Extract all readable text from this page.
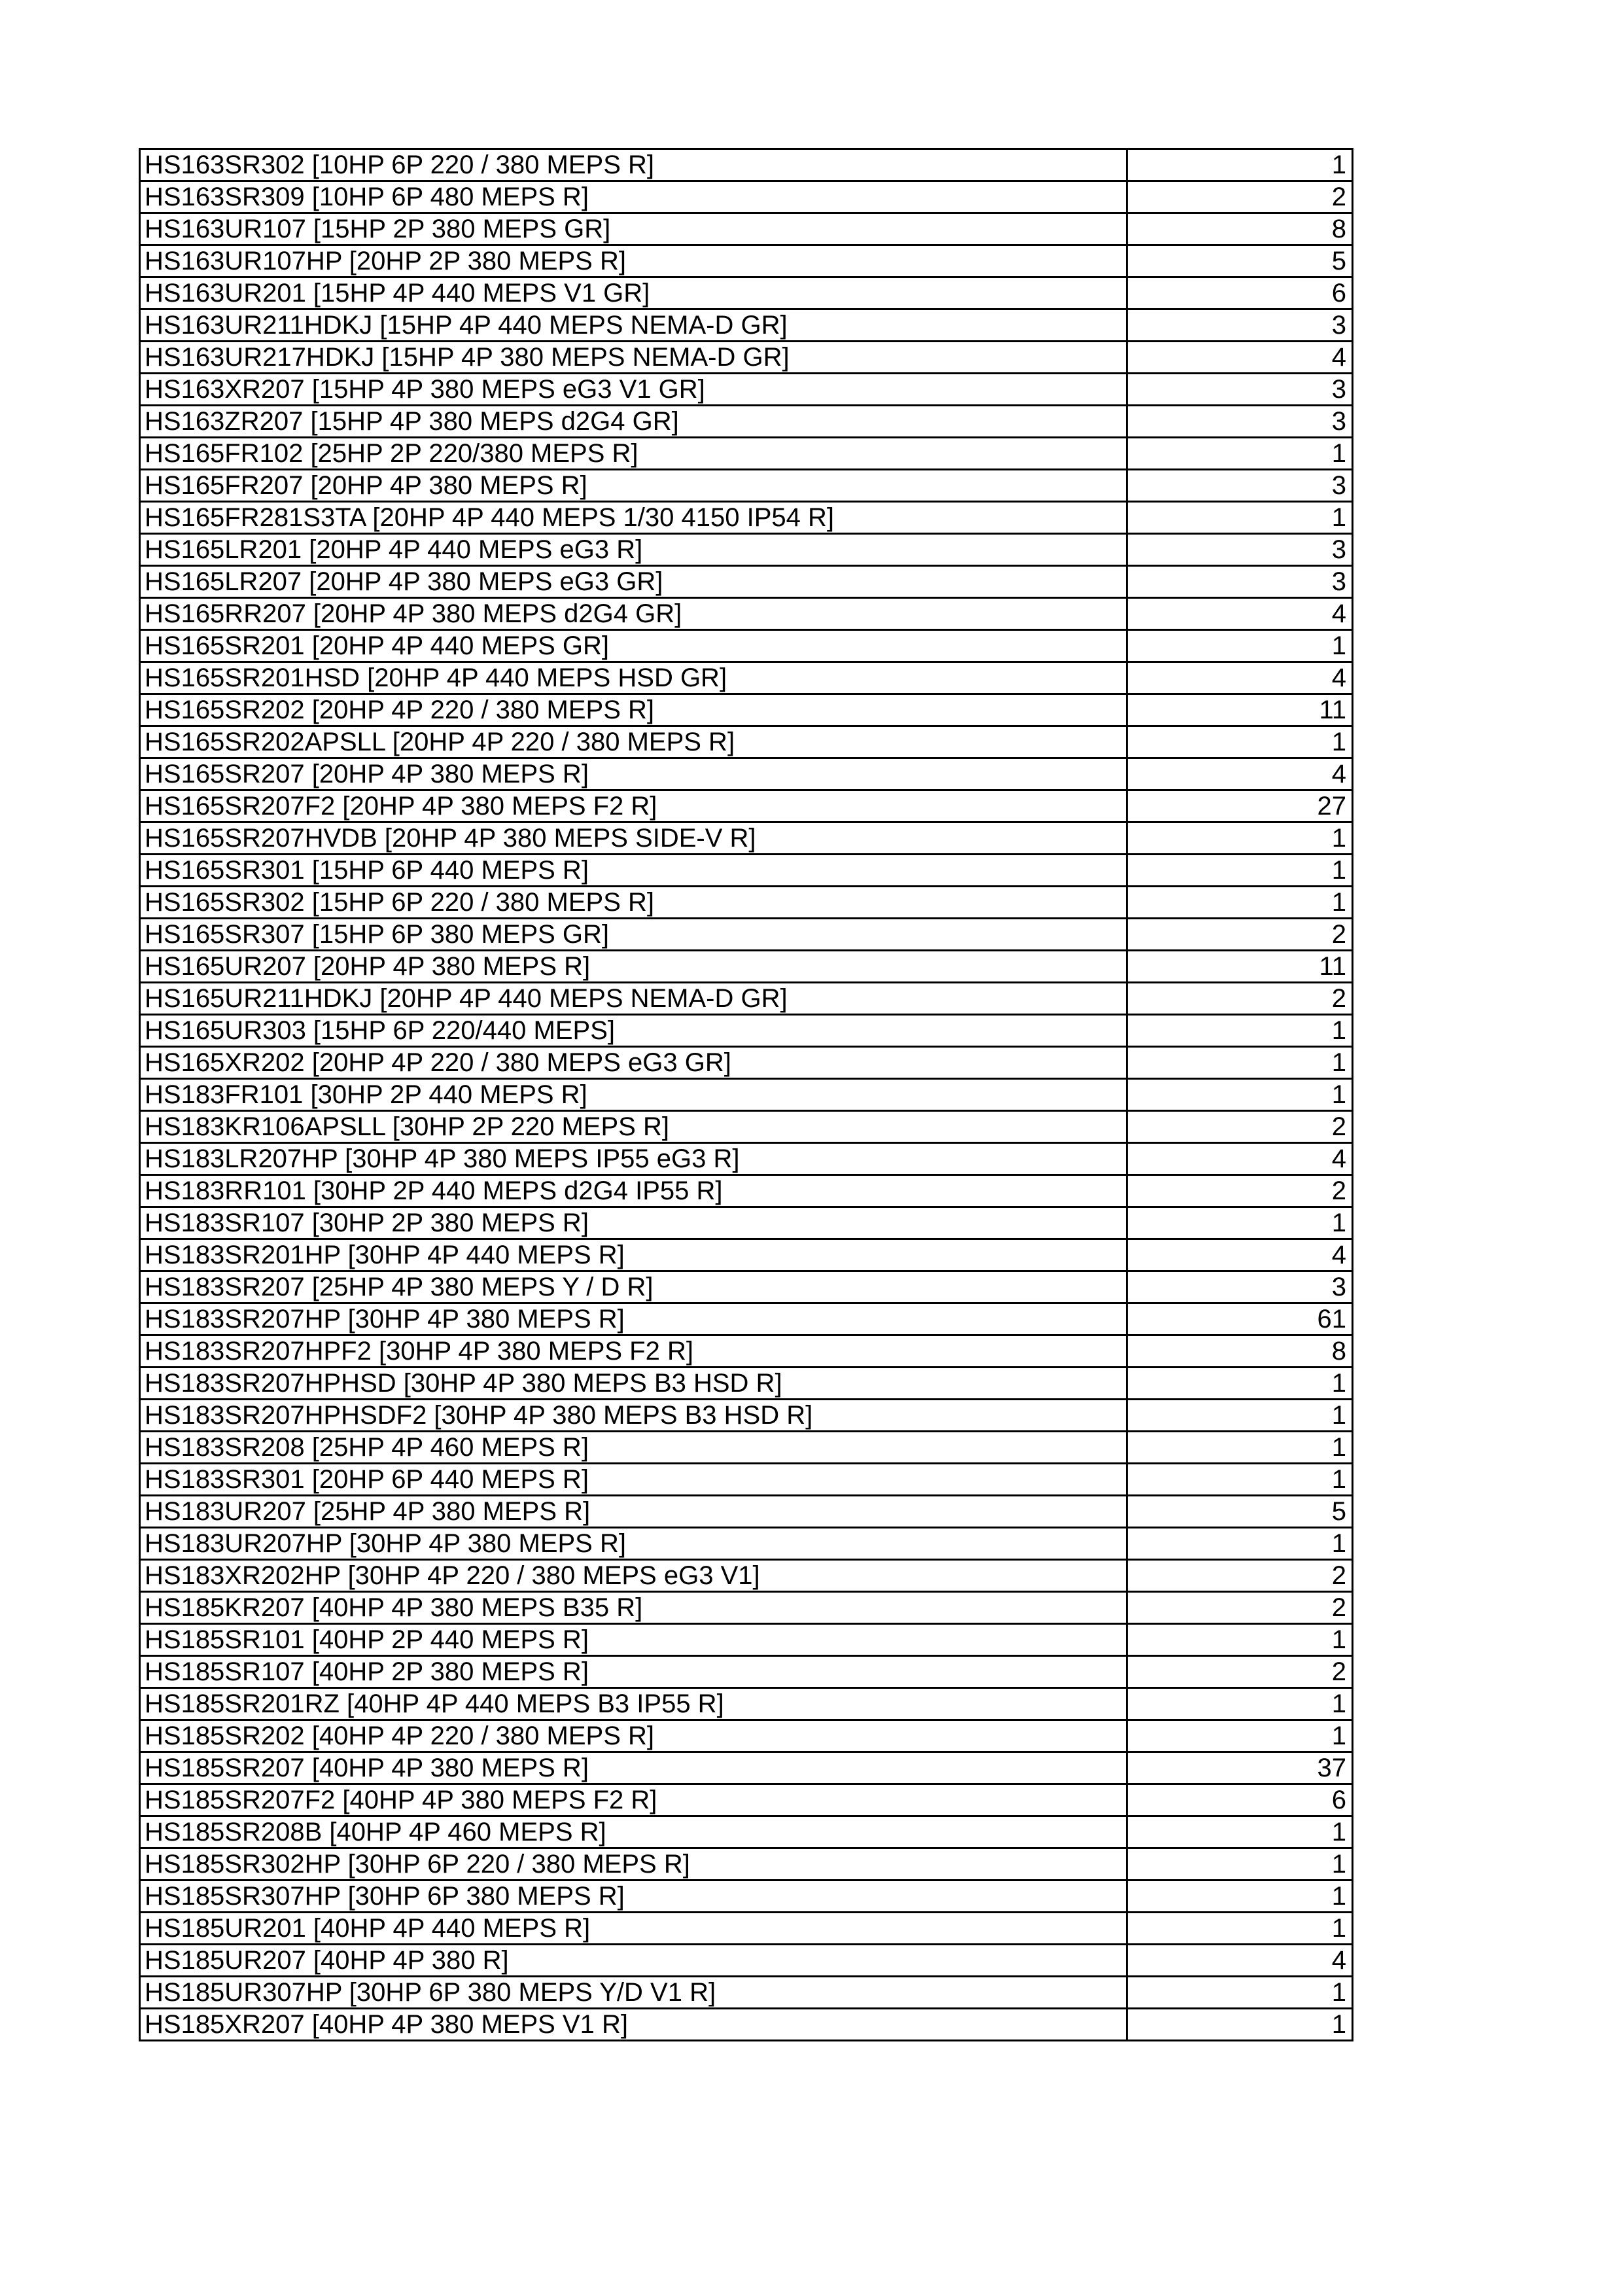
HS163SR302 [10HP 6P 220 / 380 MEPS R]	1
HS163SR309 [10HP 6P 480 MEPS R]	2
HS163UR107 [15HP 2P 380 MEPS GR]	8
HS163UR107HP [20HP 2P 380 MEPS R]	5
HS163UR201 [15HP 4P 440 MEPS V1 GR]	6
HS163UR211HDKJ [15HP 4P 440 MEPS NEMA-D GR]	3
HS163UR217HDKJ [15HP 4P 380 MEPS NEMA-D GR]	4
HS163XR207 [15HP 4P 380 MEPS eG3 V1 GR]	3
HS163ZR207 [15HP 4P 380 MEPS d2G4 GR]	3
HS165FR102 [25HP 2P 220/380 MEPS R]	1
HS165FR207 [20HP 4P 380 MEPS R]	3
HS165FR281S3TA [20HP 4P 440 MEPS 1/30 4150 IP54 R]	1
HS165LR201 [20HP 4P 440 MEPS eG3 R]	3
HS165LR207 [20HP 4P 380 MEPS eG3 GR]	3
HS165RR207 [20HP 4P 380 MEPS d2G4 GR]	4
HS165SR201 [20HP 4P 440 MEPS GR]	1
HS165SR201HSD [20HP 4P 440 MEPS HSD GR]	4
HS165SR202 [20HP 4P 220 / 380 MEPS R]	11
HS165SR202APSLL [20HP 4P 220 / 380 MEPS R]	1
HS165SR207 [20HP 4P 380 MEPS R]	4
HS165SR207F2 [20HP 4P 380 MEPS F2 R]	27
HS165SR207HVDB [20HP 4P 380 MEPS SIDE-V R]	1
HS165SR301 [15HP 6P 440 MEPS R]	1
HS165SR302 [15HP 6P 220 / 380 MEPS R]	1
HS165SR307 [15HP 6P 380 MEPS GR]	2
HS165UR207 [20HP 4P 380 MEPS R]	11
HS165UR211HDKJ [20HP 4P 440 MEPS NEMA-D GR]	2
HS165UR303 [15HP 6P 220/440 MEPS]	1
HS165XR202 [20HP 4P 220 / 380 MEPS eG3 GR]	1
HS183FR101 [30HP 2P 440 MEPS R]	1
HS183KR106APSLL [30HP 2P 220 MEPS R]	2
HS183LR207HP [30HP 4P 380 MEPS IP55 eG3 R]	4
HS183RR101 [30HP 2P 440 MEPS d2G4 IP55 R]	2
HS183SR107 [30HP 2P 380 MEPS R]	1
HS183SR201HP [30HP 4P 440 MEPS R]	4
HS183SR207 [25HP 4P 380 MEPS Y / D R]	3
HS183SR207HP [30HP 4P 380 MEPS R]	61
HS183SR207HPF2 [30HP 4P 380 MEPS F2 R]	8
HS183SR207HPHSD [30HP 4P 380 MEPS B3 HSD R]	1
HS183SR207HPHSDF2 [30HP 4P 380 MEPS B3 HSD R]	1
HS183SR208 [25HP 4P 460 MEPS R]	1
HS183SR301 [20HP 6P 440 MEPS R]	1
HS183UR207 [25HP 4P 380 MEPS R]	5
HS183UR207HP [30HP 4P 380 MEPS R]	1
HS183XR202HP [30HP 4P 220 / 380 MEPS eG3 V1]	2
HS185KR207 [40HP 4P 380 MEPS B35 R]	2
HS185SR101 [40HP 2P 440 MEPS R]	1
HS185SR107 [40HP 2P 380 MEPS R]	2
HS185SR201RZ [40HP 4P 440 MEPS B3 IP55 R]	1
HS185SR202 [40HP 4P 220 / 380 MEPS R]	1
HS185SR207 [40HP 4P 380 MEPS R]	37
HS185SR207F2 [40HP 4P 380 MEPS F2 R]	6
HS185SR208B [40HP 4P 460 MEPS R]	1
HS185SR302HP [30HP 6P 220 / 380 MEPS R]	1
HS185SR307HP [30HP 6P 380 MEPS R]	1
HS185UR201 [40HP 4P 440 MEPS R]	1
HS185UR207 [40HP 4P 380 R]	4
HS185UR307HP [30HP 6P 380 MEPS Y/D V1 R]	1
HS185XR207 [40HP 4P 380 MEPS V1 R]	1
